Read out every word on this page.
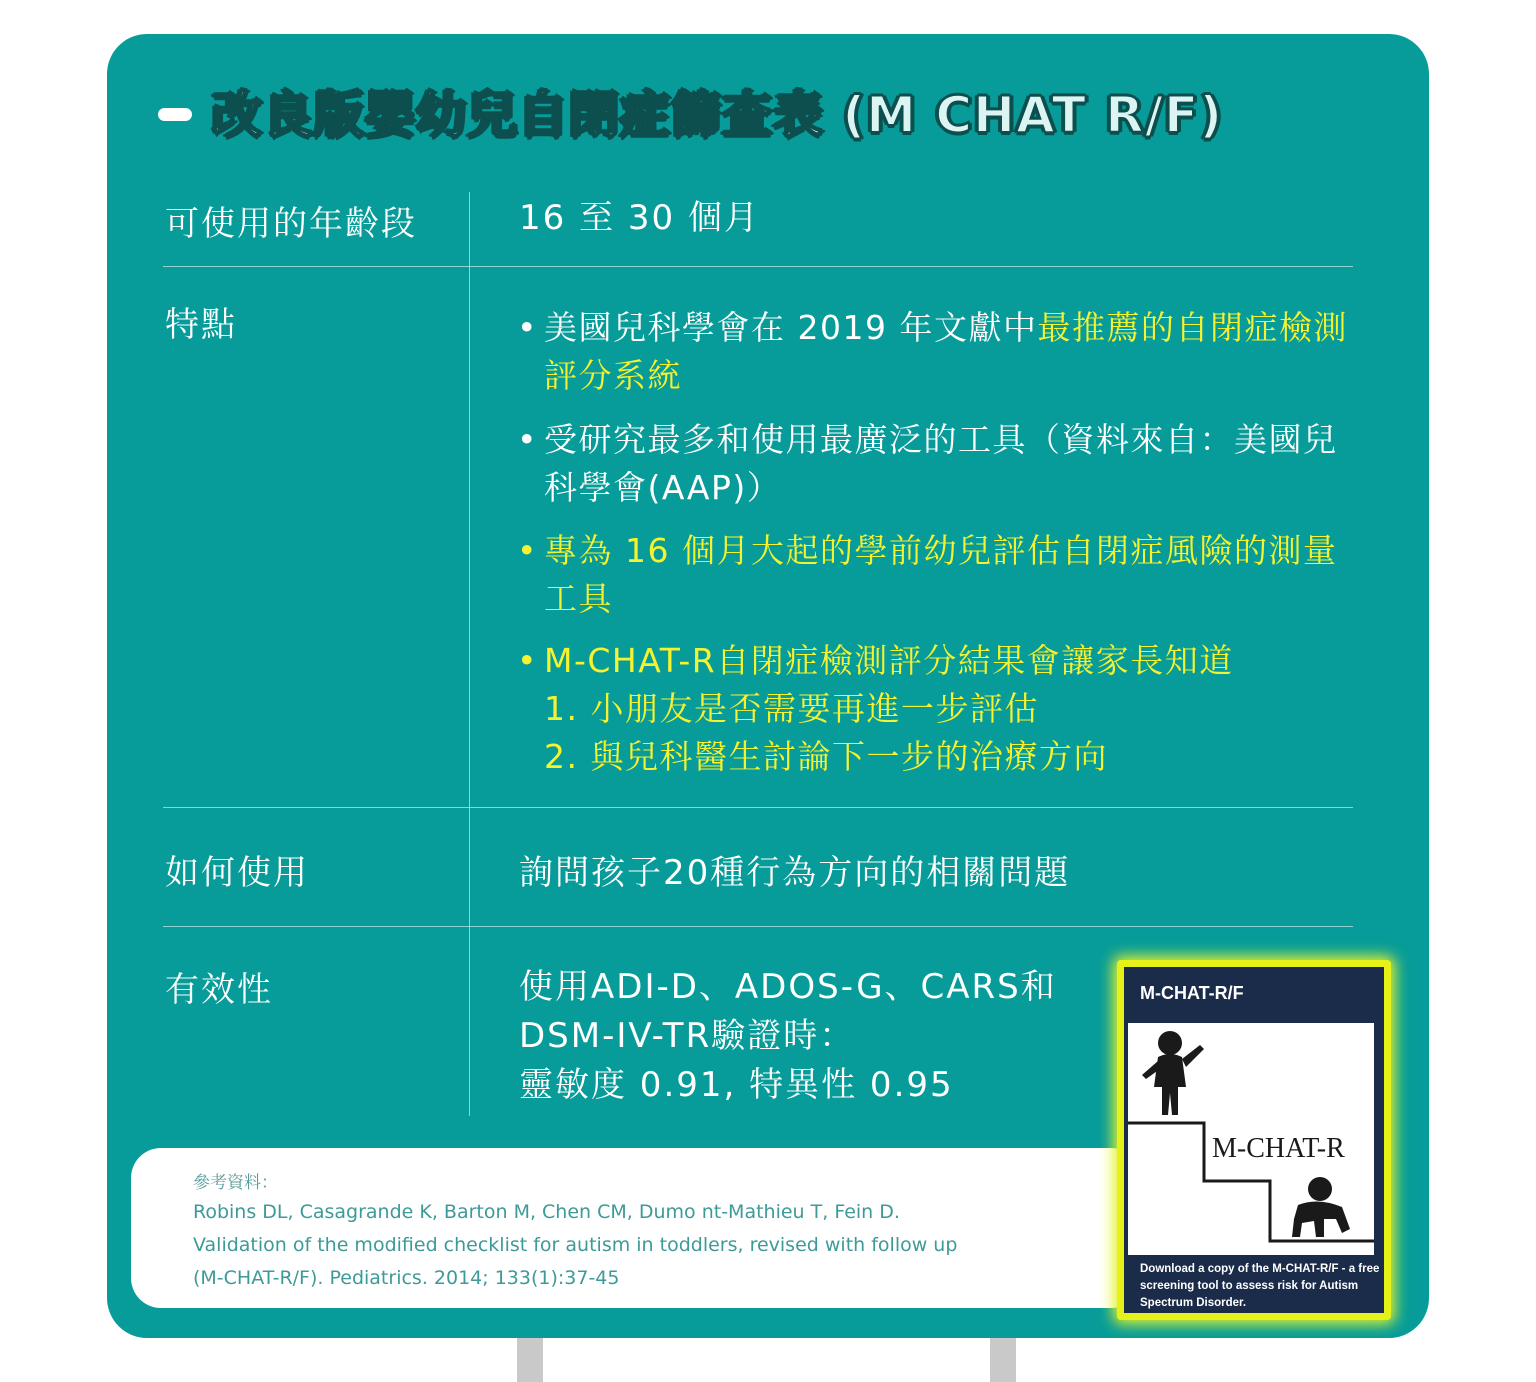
改良版嬰幼兒自閉症篩查表 (M CHAT R/F)
可使用的年齡段	16 至 30 個月
特點	• 美國兒科學會在 2019 年文獻中最推薦的自閉症檢測評分系統
• 受研究最多和使用最廣泛的工具（資料來自：美國兒科學會(AAP)）
• 專為 16 個月大起的學前幼兒評估自閉症風險的測量工具
• M-CHAT-R自閉症檢測評分結果會讓家長知道
1. 小朋友是否需要再進一步評估
2. 與兒科醫生討論下一步的治療方向
如何使用	詢問孩子20種行為方向的相關問題
有效性	使用ADI-D、ADOS-G、CARS和
DSM-IV-TR驗證時：
靈敏度 0.91, 特異性 0.95
參考資料：
Robins DL, Casagrande K, Barton M, Chen CM, Dumo nt-Mathieu T, Fein D.
Validation of the modified checklist for autism in toddlers, revised with follow up
(M-CHAT-R/F). Pediatrics. 2014; 133(1):37-45
M-CHAT-R/F
M-CHAT-R
Download a copy of the M-CHAT-R/F - a free screening tool to assess risk for Autism Spectrum Disorder.
